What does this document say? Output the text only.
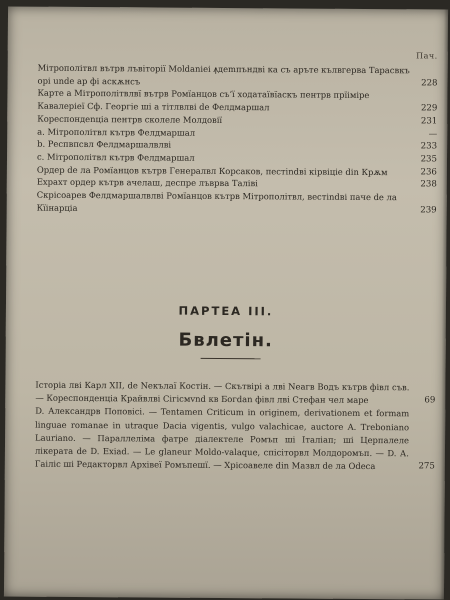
Пач.
Мітрополітвл вътрв лъвіторії Moldaniei ꙟдеmпъндві ка съ аръте кълвгерва Тарасвкъ орі unde ар фі аскѫнсъ	228
Карте а Мітрополітвлвї вътрв Ромїанцов съ’ї ходатаївїаскъ пентрв прїіміре Кавалеріеї Сф. Георгіе ші а тітлвлві de Фелдмаршал	229
Кореспондеnціа пентрв сколеле Молдовії	231
а. Мітрополітвл кътрв Фелдмаршал	—
b. Респвпсвл Фелдмаршалвлві	233
c. Мітрополітвл кътрв Фелдмаршал	235
Ордер de ла Ромїанцов кътрв Генералвл Корсаков, пестіndві кірвіціе din Крѫм	236
Ехрахт ордер кътрв ачелаш, деспре лъврва Таліві	238
Скрісоарев Фелдмаршалвлві Ромїанцов кътрв Мітрополітвл, вестіndві паче de ла Кїінарціа	239
ПАРТЕА III.
Бвлетiн.
Історіа лві Карл XII, de Nекълаї Костін. — Скътвірі а лві Neагв Водъ кътрв фівл съв. — Кореспонденціа Крайвлві Сігісмvnd кв Богdan фівл лві Стефан чел маре	69
D. Александрв Поповісі. — Tentamen Criticum in originem, derivationem et formam linguae romanae in utraque Dacia vigentis, vulgo valachicae, auctore A. Treboniano Lauriano. — Параллеліма фатре діалектеле Ромъп ші Італіап; ші Церпалеле лікерата de D. Ехіаd. — Le glaneur Moldo-valaque, спісіторвл Молдоромъп. — D. А. Гаіліс ші Редакторвл Архівеї Ромъпешї. — Хрісоавеле din Мазвл de ла Odecа	275
